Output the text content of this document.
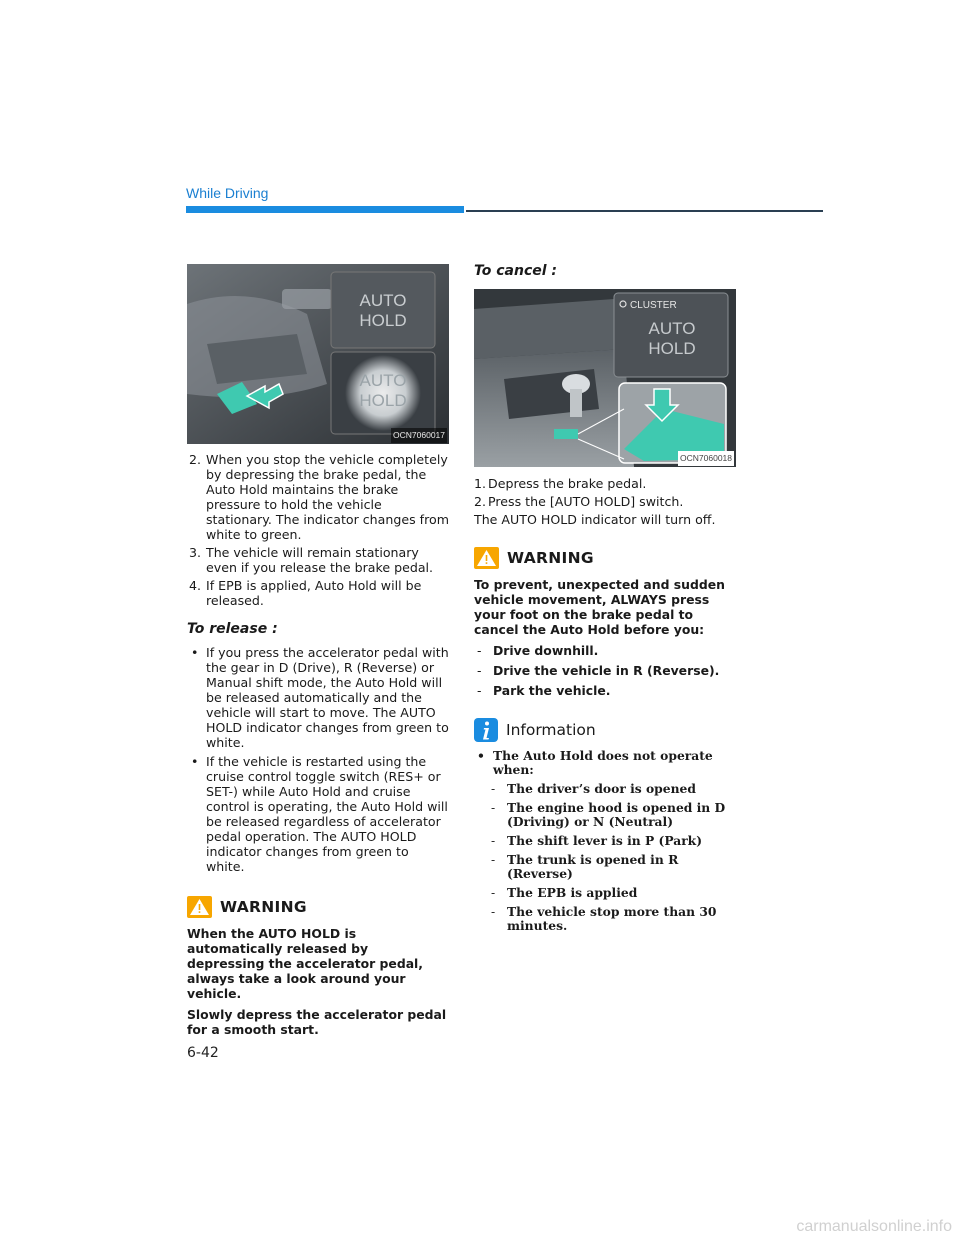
While Driving
AUTO
HOLD
AUTO
HOLD
OCN7060017
2. When you stop the vehicle completely by depressing the brake pedal, the Auto Hold maintains the brake pressure to hold the vehicle stationary. The indicator changes from white to green.
3. The vehicle will remain stationary even if you release the brake pedal.
4. If EPB is applied, Auto Hold will be released.
To release :
• If you press the accelerator pedal with the gear in D (Drive), R (Reverse) or Manual shift mode, the Auto Hold will be released automatically and the vehicle will start to move. The AUTO HOLD indicator changes from green to white.
• If the vehicle is restarted using the cruise control toggle switch (RES+ or SET-) while Auto Hold and cruise control is operating, the Auto Hold will be released regardless of accelerator pedal operation. The AUTO HOLD indicator changes from green to white.
WARNING

When the AUTO HOLD is automatically released by depressing the accelerator pedal, always take a look around your vehicle.

Slowly depress the accelerator pedal for a smooth start.

To cancel :
CLUSTER
AUTO
HOLD
OCN7060018
1. Depress the brake pedal.
2. Press the [AUTO HOLD] switch.
The AUTO HOLD indicator will turn off.
WARNING

To prevent, unexpected and sudden vehicle movement, ALWAYS press your foot on the brake pedal to cancel the Auto Hold before you:

- Drive downhill.
- Drive the vehicle in R (Reverse).
- Park the vehicle.
Information
• The Auto Hold does not operate when:
- The driver’s door is opened
- The engine hood is opened in D (Driving) or N (Neutral)
- The shift lever is in P (Park)
- The trunk is opened in R (Reverse)
- The EPB is applied
- The vehicle stop more than 30 minutes.
6-42
carmanualsonline.info
